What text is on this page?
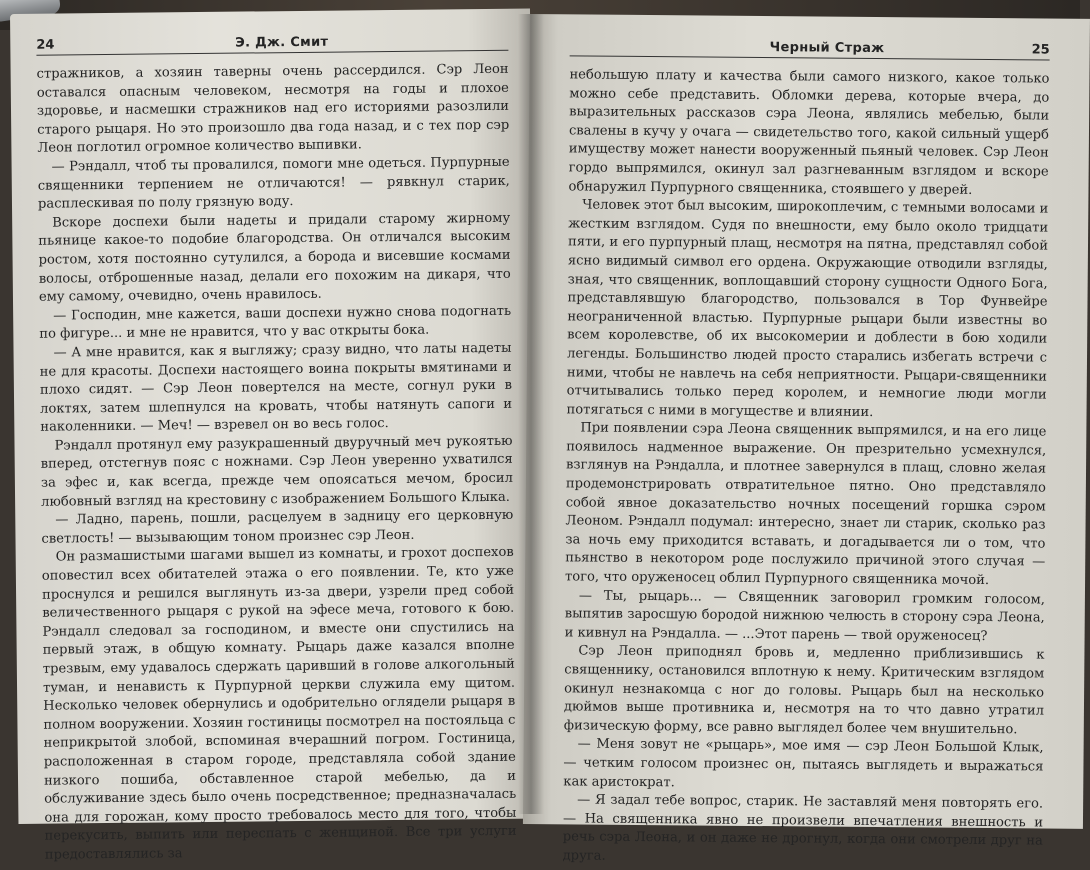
24	Э. Дж. Смит

стражников, а хозяин таверны очень рассердился. Сэр Леон оставался опасным человеком, несмотря на годы и плохое здоровье, и насмешки стражников над его историями разозлили старого рыцаря. Но это произошло два года назад, и с тех пор сэр Леон поглотил огромное количество выпивки.

— Рэндалл, чтоб ты провалился, помоги мне одеться. Пурпурные священники терпением не отличаются! — рявкнул старик, расплескивая по полу грязную воду.

Вскоре доспехи были надеты и придали старому жирному пьянице какое-то подобие благородства. Он отличался высоким ростом, хотя постоянно сутулился, а борода и висевшие космами волосы, отброшенные назад, делали его похожим на дикаря, что ему самому, очевидно, очень нравилось.

— Господин, мне кажется, ваши доспехи нужно снова подогнать по фигуре... и мне не нравится, что у вас открыты бока.

— А мне нравится, как я выгляжу; сразу видно, что латы надеты не для красоты. Доспехи настоящего воина покрыты вмятинами и плохо сидят. — Сэр Леон повертелся на месте, согнул руки в локтях, затем шлепнулся на кровать, чтобы натянуть сапоги и наколенники. — Меч! — взревел он во весь голос.

Рэндалл протянул ему разукрашенный двуручный меч рукоятью вперед, отстегнув пояс с ножнами. Сэр Леон уверенно ухватился за эфес и, как всегда, прежде чем опоясаться мечом, бросил любовный взгляд на крестовину с изображением Большого Клыка.

— Ладно, парень, пошли, расцелуем в задницу его церковную светлость! — вызывающим тоном произнес сэр Леон.

Он размашистыми шагами вышел из комнаты, и грохот доспехов оповестил всех обитателей этажа о его появлении. Те, кто уже проснулся и решился выглянуть из-за двери, узрели пред собой величественного рыцаря с рукой на эфесе меча, готового к бою. Рэндалл следовал за господином, и вместе они спустились на первый этаж, в общую комнату. Рыцарь даже казался вполне трезвым, ему удавалось сдержать царивший в голове алкогольный туман, и ненависть к Пурпурной церкви служила ему щитом. Несколько человек обернулись и одобрительно оглядели рыцаря в полном вооружении. Хозяин гостиницы посмотрел на постояльца с неприкрытой злобой, вспоминая вчерашний погром. Гостиница, расположенная в старом городе, представляла собой здание низкого пошиба, обставленное старой мебелью, да и обслуживание здесь было очень посредственное; предназначалась она для горожан, кому просто требовалось место для того, чтобы перекусить, выпить или переспать с женщиной. Все три услуги предоставлялись за

Черный Страж	25

небольшую плату и качества были самого низкого, какое только можно себе представить. Обломки дерева, которые вчера, до выразительных рассказов сэра Леона, являлись мебелью, были свалены в кучу у очага — свидетельство того, какой сильный ущерб имуществу может нанести вооруженный пьяный человек. Сэр Леон гордо выпрямился, окинул зал разгневанным взглядом и вскоре обнаружил Пурпурного священника, стоявшего у дверей.

Человек этот был высоким, широкоплечим, с темными волосами и жестким взглядом. Судя по внешности, ему было около тридцати пяти, и его пурпурный плащ, несмотря на пятна, представлял собой ясно видимый символ его ордена. Окружающие отводили взгляды, зная, что священник, воплощавший сторону сущности Одного Бога, представлявшую благородство, пользовался в Тор Фунвейре неограниченной властью. Пурпурные рыцари были известны во всем королевстве, об их высокомерии и доблести в бою ходили легенды. Большинство людей просто старались избегать встречи с ними, чтобы не навлечь на себя неприятности. Рыцари-священники отчитывались только перед королем, и немногие люди могли потягаться с ними в могуществе и влиянии.

При появлении сэра Леона священник выпрямился, и на его лице появилось надменное выражение. Он презрительно усмехнулся, взглянув на Рэндалла, и плотнее завернулся в плащ, словно желая продемонстрировать отвратительное пятно. Оно представляло собой явное доказательство ночных посещений горшка сэром Леоном. Рэндалл подумал: интересно, знает ли старик, сколько раз за ночь ему приходится вставать, и догадывается ли о том, что пьянство в некотором роде послужило причиной этого случая — того, что оруженосец облил Пурпурного священника мочой.

— Ты, рыцарь... — Священник заговорил громким голосом, выпятив заросшую бородой нижнюю челюсть в сторону сэра Леона, и кивнул на Рэндалла. — ...Этот парень — твой оруженосец?

Сэр Леон приподнял бровь и, медленно приблизившись к священнику, остановился вплотную к нему. Критическим взглядом окинул незнакомца с ног до головы. Рыцарь был на несколько дюймов выше противника и, несмотря на то что давно утратил физическую форму, все равно выглядел более чем внушительно.

— Меня зовут не «рыцарь», мое имя — сэр Леон Большой Клык, — четким голосом произнес он, пытаясь выглядеть и выражаться как аристократ.

— Я задал тебе вопрос, старик. Не заставляй меня повторять его. — На священника явно не произвели впечатления внешность и речь сэра Леона, и он даже не дрогнул, когда они смотрели друг на друга.
